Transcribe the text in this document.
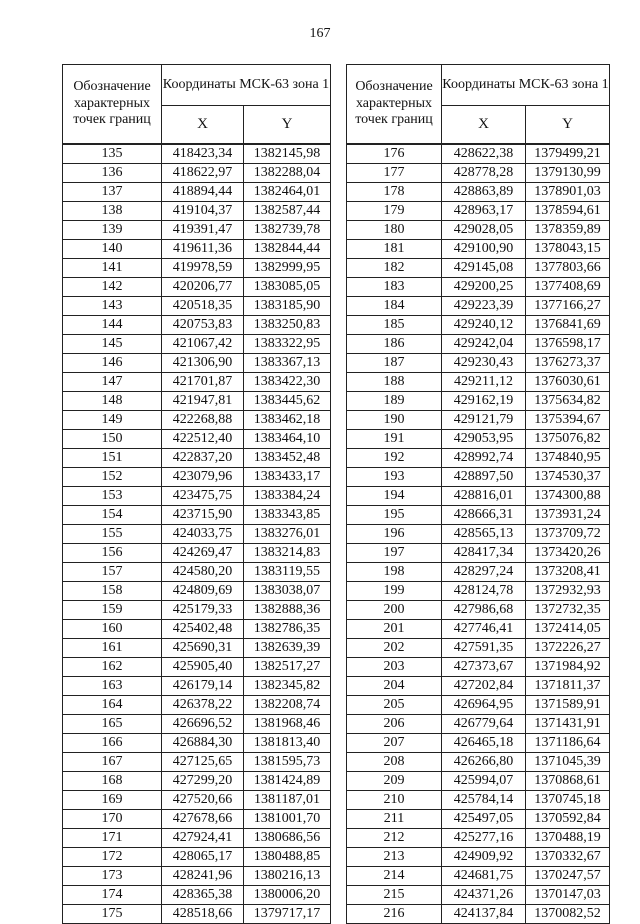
167
Обозначение характерных точек границ	Координаты МСК-63 зона 1	
	X	Y
135	418423,34	1382145,98
136	418622,97	1382288,04
137	418894,44	1382464,01
138	419104,37	1382587,44
139	419391,47	1382739,78
140	419611,36	1382844,44
141	419978,59	1382999,95
142	420206,77	1383085,05
143	420518,35	1383185,90
144	420753,83	1383250,83
145	421067,42	1383322,95
146	421306,90	1383367,13
147	421701,87	1383422,30
148	421947,81	1383445,62
149	422268,88	1383462,18
150	422512,40	1383464,10
151	422837,20	1383452,48
152	423079,96	1383433,17
153	423475,75	1383384,24
154	423715,90	1383343,85
155	424033,75	1383276,01
156	424269,47	1383214,83
157	424580,20	1383119,55
158	424809,69	1383038,07
159	425179,33	1382888,36
160	425402,48	1382786,35
161	425690,31	1382639,39
162	425905,40	1382517,27
163	426179,14	1382345,82
164	426378,22	1382208,74
165	426696,52	1381968,46
166	426884,30	1381813,40
167	427125,65	1381595,73
168	427299,20	1381424,89
169	427520,66	1381187,01
170	427678,66	1381001,70
171	427924,41	1380686,56
172	428065,17	1380488,85
173	428241,96	1380216,13
174	428365,38	1380006,20
175	428518,66	1379717,17
Обозначение характерных точек границ	Координаты МСК-63 зона 1	
	X	Y
176	428622,38	1379499,21
177	428778,28	1379130,99
178	428863,89	1378901,03
179	428963,17	1378594,61
180	429028,05	1378359,89
181	429100,90	1378043,15
182	429145,08	1377803,66
183	429200,25	1377408,69
184	429223,39	1377166,27
185	429240,12	1376841,69
186	429242,04	1376598,17
187	429230,43	1376273,37
188	429211,12	1376030,61
189	429162,19	1375634,82
190	429121,79	1375394,67
191	429053,95	1375076,82
192	428992,74	1374840,95
193	428897,50	1374530,37
194	428816,01	1374300,88
195	428666,31	1373931,24
196	428565,13	1373709,72
197	428417,34	1373420,26
198	428297,24	1373208,41
199	428124,78	1372932,93
200	427986,68	1372732,35
201	427746,41	1372414,05
202	427591,35	1372226,27
203	427373,67	1371984,92
204	427202,84	1371811,37
205	426964,95	1371589,91
206	426779,64	1371431,91
207	426465,18	1371186,64
208	426266,80	1371045,39
209	425994,07	1370868,61
210	425784,14	1370745,18
211	425497,05	1370592,84
212	425277,16	1370488,19
213	424909,92	1370332,67
214	424681,75	1370247,57
215	424371,26	1370147,03
216	424137,84	1370082,52
